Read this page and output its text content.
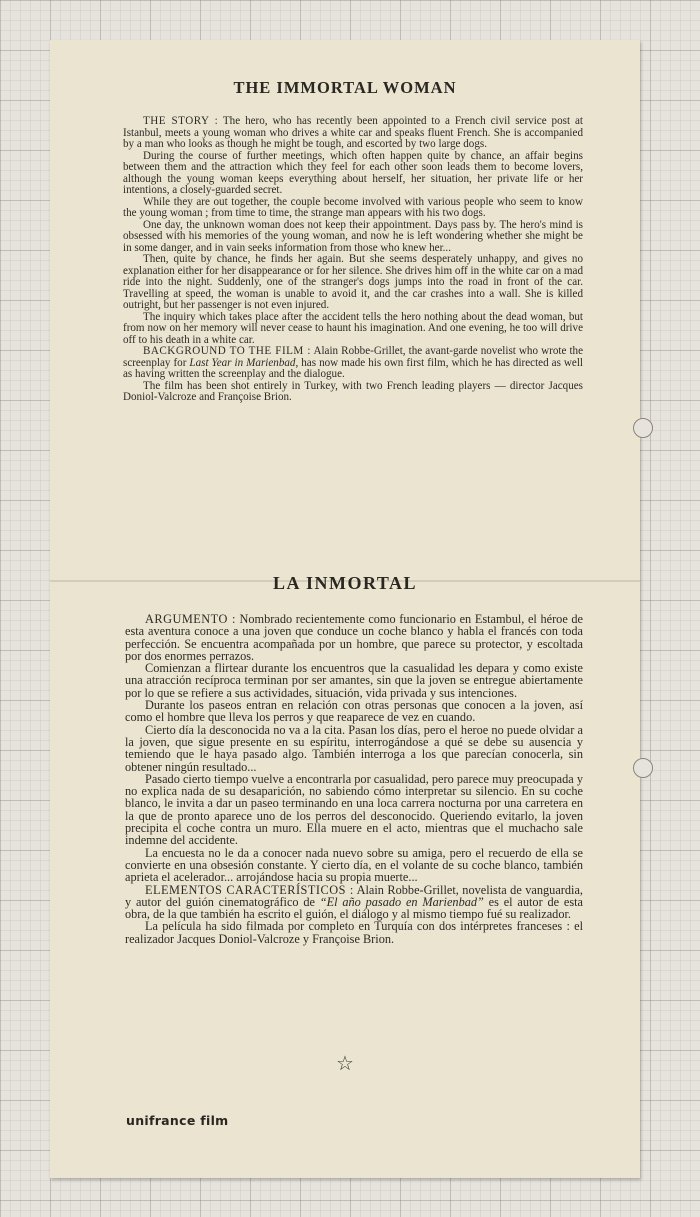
THE IMMORTAL WOMAN

THE STORY : The hero, who has recently been appointed to a French civil service post at Istanbul, meets a young woman who drives a white car and speaks fluent French. She is accompanied by a man who looks as though he might be tough, and escorted by two large dogs.

During the course of further meetings, which often happen quite by chance, an affair begins between them and the attraction which they feel for each other soon leads them to become lovers, although the young woman keeps everything about herself, her situation, her private life or her intentions, a closely-guarded secret.

While they are out together, the couple become involved with various people who seem to know the young woman ; from time to time, the strange man appears with his two dogs.

One day, the unknown woman does not keep their appointment. Days pass by. The hero's mind is obsessed with his memories of the young woman, and now he is left wondering whether she might be in some danger, and in vain seeks information from those who knew her...

Then, quite by chance, he finds her again. But she seems desperately unhappy, and gives no explanation either for her disappearance or for her silence. She drives him off in the white car on a mad ride into the night. Suddenly, one of the stranger's dogs jumps into the road in front of the car. Travelling at speed, the woman is unable to avoid it, and the car crashes into a wall. She is killed outright, but her passenger is not even injured.

The inquiry which takes place after the accident tells the hero nothing about the dead woman, but from now on her memory will never cease to haunt his imagination. And one evening, he too will drive off to his death in a white car.

BACKGROUND TO THE FILM : Alain Robbe-Grillet, the avant-garde novelist who wrote the screenplay for Last Year in Marienbad, has now made his own first film, which he has directed as well as having written the screenplay and the dialogue.

The film has been shot entirely in Turkey, with two French leading players — director Jacques Doniol-Valcroze and Françoise Brion.

LA INMORTAL

ARGUMENTO : Nombrado recientemente como funcionario en Estambul, el héroe de esta aventura conoce a una joven que conduce un coche blanco y habla el francés con toda perfección. Se encuentra acompañada por un hombre, que parece su protector, y escoltada por dos enormes perrazos.

Comienzan a flirtear durante los encuentros que la casualidad les depara y como existe una atracción recíproca terminan por ser amantes, sin que la joven se entregue abiertamente por lo que se refiere a sus actividades, situación, vida privada y sus intenciones.

Durante los paseos entran en relación con otras personas que conocen a la joven, así como el hombre que lleva los perros y que reaparece de vez en cuando.

Cierto día la desconocida no va a la cita. Pasan los días, pero el heroe no puede olvidar a la joven, que sigue presente en su espíritu, interrogándose a qué se debe su ausencia y temiendo que le haya pasado algo. También interroga a los que parecían conocerla, sin obtener ningún resultado...

Pasado cierto tiempo vuelve a encontrarla por casualidad, pero parece muy preocupada y no explica nada de su desaparición, no sabiendo cómo interpretar su silencio. En su coche blanco, le invita a dar un paseo terminando en una loca carrera nocturna por una carretera en la que de pronto aparece uno de los perros del desconocido. Queriendo evitarlo, la joven precipita el coche contra un muro. Ella muere en el acto, mientras que el muchacho sale indemne del accidente.

La encuesta no le da a conocer nada nuevo sobre su amiga, pero el recuerdo de ella se convierte en una obsesión constante. Y cierto día, en el volante de su coche blanco, también aprieta el acelerador... arrojándose hacia su propia muerte...

ELEMENTOS CARACTERÍSTICOS : Alain Robbe-Grillet, novelista de vanguardia, y autor del guión cinematográfico de “El año pasado en Marienbad” es el autor de esta obra, de la que también ha escrito el guión, el diálogo y al mismo tiempo fué su realizador.

La película ha sido filmada por completo en Turquía con dos intérpretes franceses : el realizador Jacques Doniol-Valcroze y Françoise Brion.

☆
unifrance film
